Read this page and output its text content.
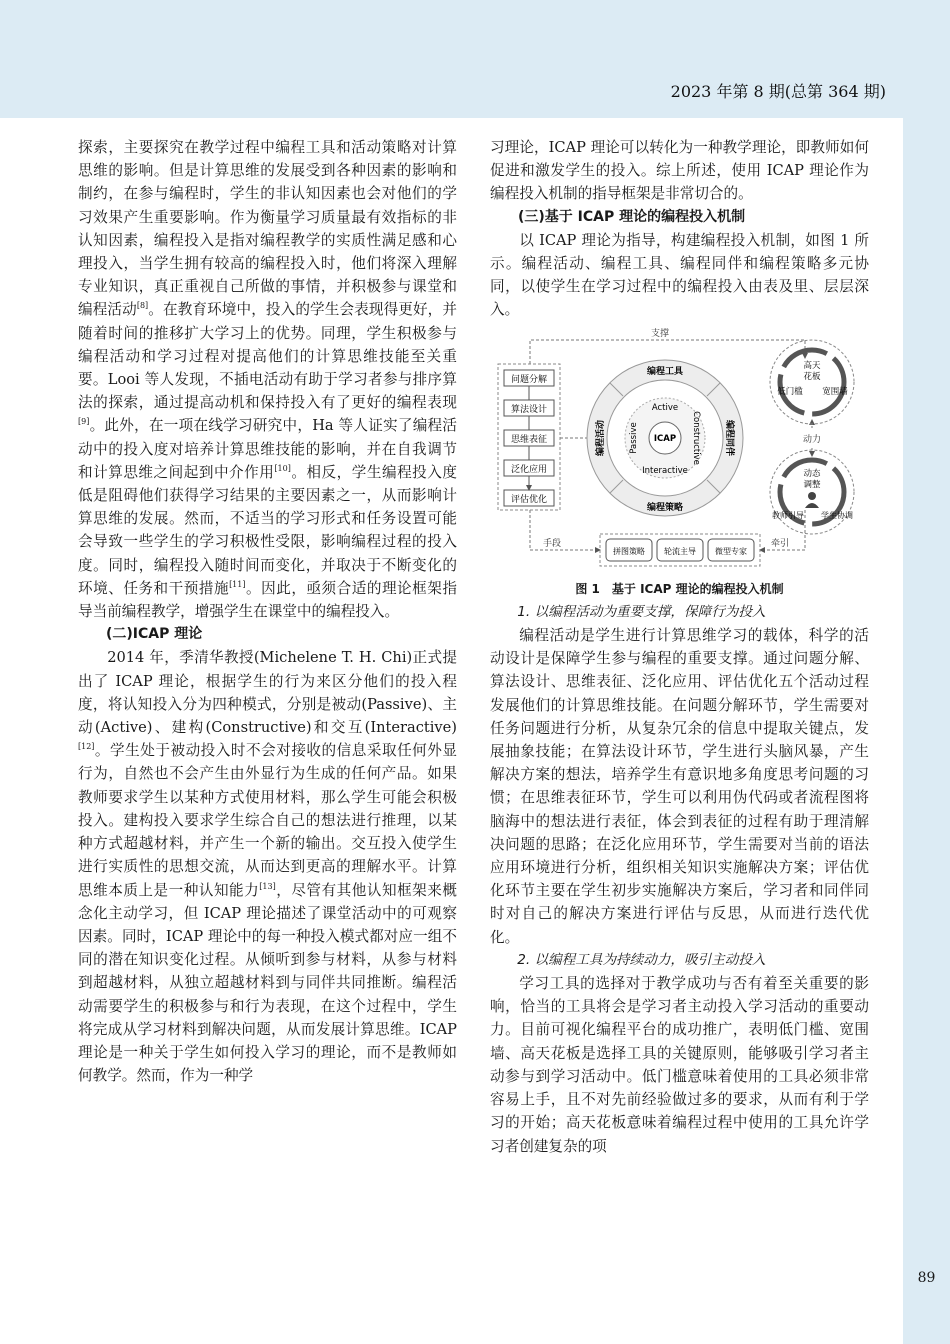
2023 年第 8 期(总第 364 期)
89

探索，主要探究在教学过程中编程工具和活动策略对计算思维的影响。但是计算思维的发展受到各种因素的影响和制约，在参与编程时，学生的非认知因素也会对他们的学习效果产生重要影响。作为衡量学习质量最有效指标的非认知因素，编程投入是指对编程教学的实质性满足感和心理投入，当学生拥有较高的编程投入时，他们将深入理解专业知识，真正重视自己所做的事情，并积极参与课堂和编程活动[8]。在教育环境中，投入的学生会表现得更好，并随着时间的推移扩大学习上的优势。同理，学生积极参与编程活动和学习过程对提高他们的计算思维技能至关重要。Looi 等人发现，不插电活动有助于学习者参与排序算法的探索，通过提高动机和保持投入有了更好的编程表现[9]。此外，在一项在线学习研究中，Ha 等人证实了编程活动中的投入度对培养计算思维技能的影响，并在自我调节和计算思维之间起到中介作用[10]。相反，学生编程投入度低是阻碍他们获得学习结果的主要因素之一，从而影响计算思维的发展。然而，不适当的学习形式和任务设置可能会导致一些学生的学习积极性受限，影响编程过程的投入度。同时，编程投入随时间而变化，并取决于不断变化的环境、任务和干预措施[11]。因此，亟须合适的理论框架指导当前编程教学，增强学生在课堂中的编程投入。

(二)ICAP 理论

2014 年，季清华教授(Michelene T. H. Chi)正式提出了 ICAP 理论，根据学生的行为来区分他们的投入程度，将认知投入分为四种模式，分别是被动(Passive)、主动(Active)、建构(Constructive)和交互(Interactive)[12]。学生处于被动投入时不会对接收的信息采取任何外显行为，自然也不会产生由外显行为生成的任何产品。如果教师要求学生以某种方式使用材料，那么学生可能会积极投入。建构投入要求学生综合自己的想法进行推理，以某种方式超越材料，并产生一个新的输出。交互投入使学生进行实质性的思想交流，从而达到更高的理解水平。计算思维本质上是一种认知能力[13]，尽管有其他认知框架来概念化主动学习，但 ICAP 理论描述了课堂活动中的可观察因素。同时，ICAP 理论中的每一种投入模式都对应一组不同的潜在知识变化过程。从倾听到参与材料，从参与材料到超越材料，从独立超越材料到与同伴共同推断。编程活动需要学生的积极参与和行为表现，在这个过程中，学生将完成从学习材料到解决问题，从而发展计算思维。ICAP 理论是一种关于学生如何投入学习的理论，而不是教师如何教学。然而，作为一种学

习理论，ICAP 理论可以转化为一种教学理论，即教师如何促进和激发学生的投入。综上所述，使用 ICAP 理论作为编程投入机制的指导框架是非常切合的。

(三)基于 ICAP 理论的编程投入机制

以 ICAP 理论为指导，构建编程投入机制，如图 1 所示。编程活动、编程工具、编程同伴和编程策略多元协同，以使学生在学习过程中的编程投入由表及里、层层深入。

支撑
手段	牵引
动力
问题分解
算法设计
思维表征
泛化应用
评估优化
编程工具
编程策略
编程活动	编程同伴
Active
Interactive
Passive	Constructive
ICAP
高天
花板
低门槛 宽围墙
动态
调整
教师引导 学生协调
拼图策略 轮流主导 微型专家

图 1　基于 ICAP 理论的编程投入机制

1. 以编程活动为重要支撑，保障行为投入

编程活动是学生进行计算思维学习的载体，科学的活动设计是保障学生参与编程的重要支撑。通过问题分解、算法设计、思维表征、泛化应用、评估优化五个活动过程发展他们的计算思维技能。在问题分解环节，学生需要对任务问题进行分析，从复杂冗余的信息中提取关键点，发展抽象技能；在算法设计环节，学生进行头脑风暴，产生解决方案的想法，培养学生有意识地多角度思考问题的习惯；在思维表征环节，学生可以利用伪代码或者流程图将脑海中的想法进行表征，体会到表征的过程有助于理清解决问题的思路；在泛化应用环节，学生需要对当前的语法应用环境进行分析，组织相关知识实施解决方案；评估优化环节主要在学生初步实施解决方案后，学习者和同伴同时对自己的解决方案进行评估与反思，从而进行迭代优化。

2. 以编程工具为持续动力，吸引主动投入

学习工具的选择对于教学成功与否有着至关重要的影响，恰当的工具将会是学习者主动投入学习活动的重要动力。目前可视化编程平台的成功推广，表明低门槛、宽围墙、高天花板是选择工具的关键原则，能够吸引学习者主动参与到学习活动中。低门槛意味着使用的工具必须非常容易上手，且不对先前经验做过多的要求，从而有利于学习的开始；高天花板意味着编程过程中使用的工具允许学习者创建复杂的项
